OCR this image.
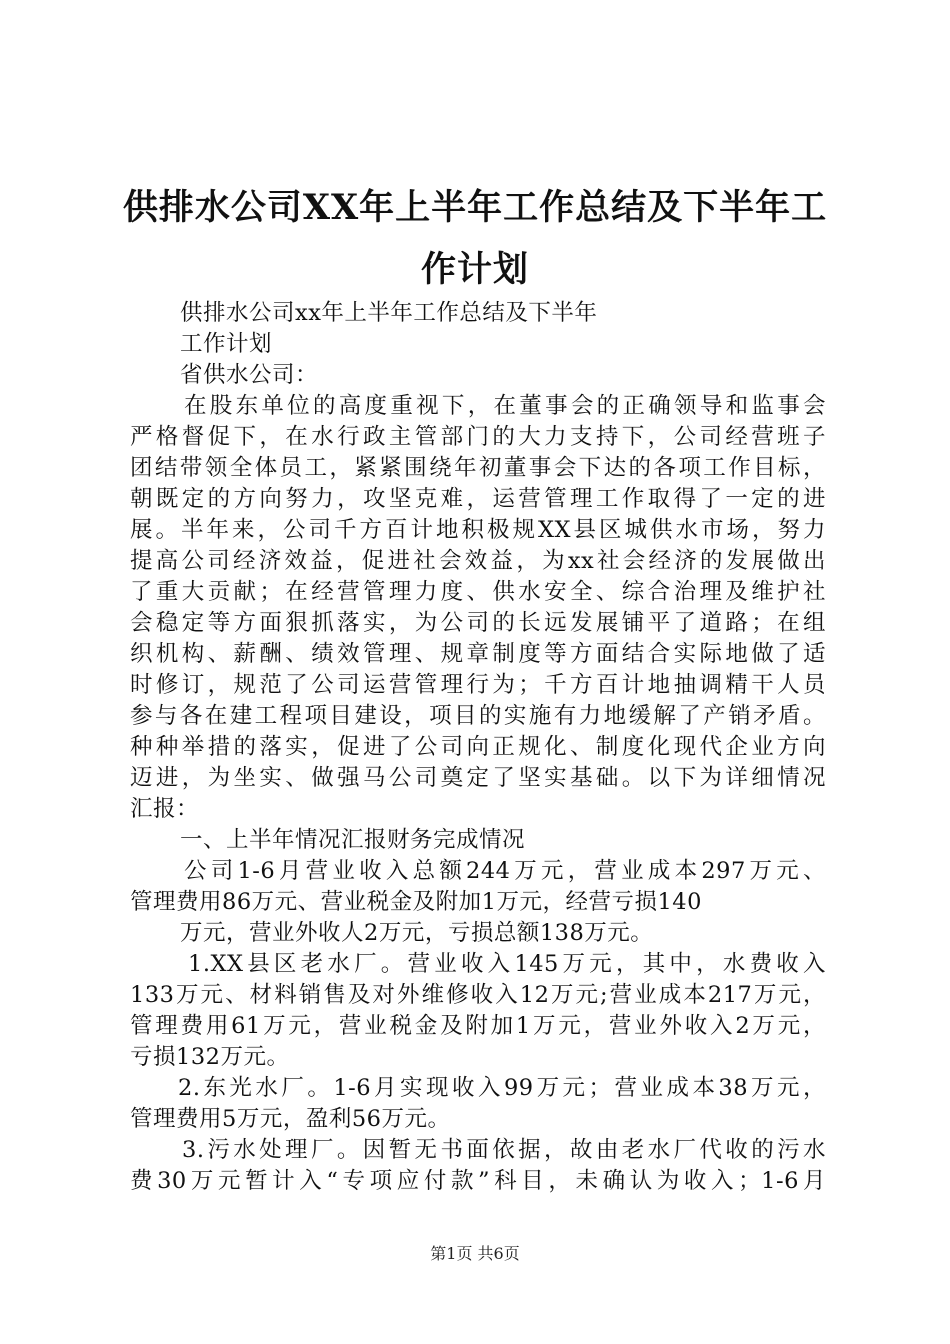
供排水公司XX年上半年工作总结及下半年工
作计划
供排水公司xx年上半年工作总结及下半年
工作计划
省供水公司：
在股东单位的高度重视下，在董事会的正确领导和监事会
严格督促下，在水行政主管部门的大力支持下，公司经营班子
团结带领全体员工，紧紧围绕年初董事会下达的各项工作目标，
朝既定的方向努力，攻坚克难，运营管理工作取得了一定的进
展。半年来，公司千方百计地积极规XX县区城供水市场，努力
提高公司经济效益，促进社会效益，为xx社会经济的发展做出
了重大贡献；在经营管理力度、供水安全、综合治理及维护社
会稳定等方面狠抓落实，为公司的长远发展铺平了道路；在组
织机构、薪酬、绩效管理、规章制度等方面结合实际地做了适
时修订，规范了公司运营管理行为；千方百计地抽调精干人员
参与各在建工程项目建设，项目的实施有力地缓解了产销矛盾。
种种举措的落实，促进了公司向正规化、制度化现代企业方向
迈进，为坐实、做强马公司奠定了坚实基础。以下为详细情况
汇报：
一、上半年情况汇报财务完成情况
公司1-6月营业收入总额244万元，营业成本297万元、
管理费用86万元、营业税金及附加1万元，经营亏损140
万元，营业外收人2万元，亏损总额138万元。
1.XX县区老水厂。营业收入145万元，其中，水费收入
133万元、材料销售及对外维修收入12万元;营业成本217万元，
管理费用61万元，营业税金及附加1万元，营业外收入2万元，
亏损132万元。
2.东光水厂。1-6月实现收入99万元；营业成本38万元，
管理费用5万元，盈利56万元。
3.污水处理厂。因暂无书面依据，故由老水厂代收的污水
费30万元暂计入“专项应付款”科目，未确认为收入；1-6月
第1页 共6页
